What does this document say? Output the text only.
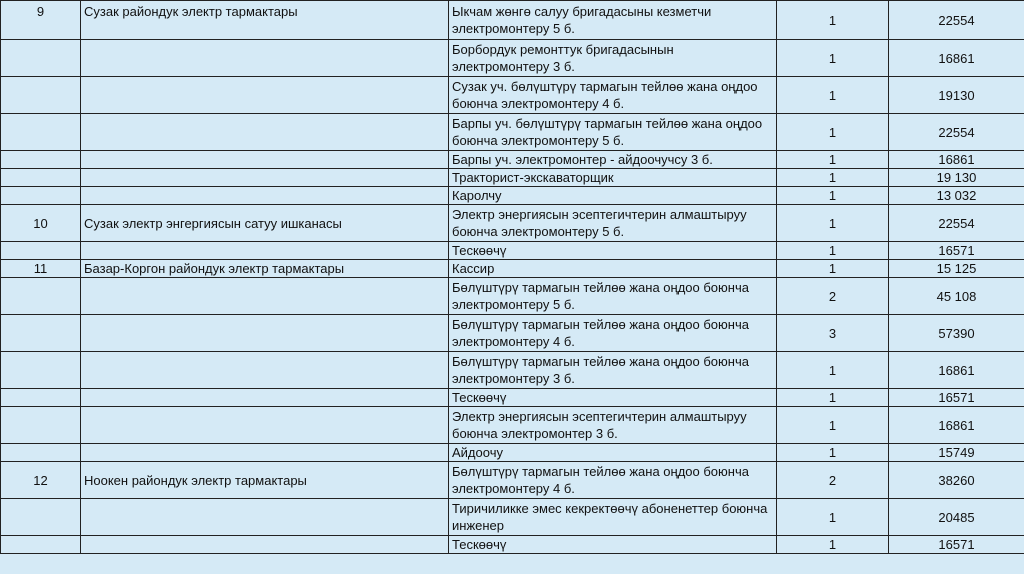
9	Сузак райондук электр тармактары	Ыкчам жөнгө салуу бригадасыны кезметчи электромонтеру 5 б.	1	22554
		Борбордук ремонттук бригадасынын электромонтеру 3 б.	1	16861
		Сузак уч. бөлүштүрү тармагын тейлөө жана оңдоо боюнча электромонтеру 4 б.	1	19130
		Барпы уч. бөлүштүрү тармагын тейлөө жана оңдоо боюнча электромонтеру 5 б.	1	22554
		Барпы уч. электромонтер - айдоочучсу 3 б.	1	16861
		Тракторист-экскаваторщик	1	19 130
		Каролчу	1	13 032
10	Сузак электр энгергиясын сатуу ишканасы	Электр энергиясын эсептегичтерин алмаштыруу боюнча электромонтеру 5 б.	1	22554
		Тескөөчү	1	16571
11	Базар-Коргон райондук электр тармактары	Кассир	1	15 125
		Бөлүштүрү тармагын тейлөө жана оңдоо боюнча электромонтеру 5 б.	2	45 108
		Бөлүштүрү тармагын тейлөө жана оңдоо боюнча электромонтеру 4 б.	3	57390
		Бөлүштүрү тармагын тейлөө жана оңдоо боюнча электромонтеру 3 б.	1	16861
		Тескөөчү	1	16571
		Электр энергиясын эсептегичтерин алмаштыруу боюнча электромонтер 3 б.	1	16861
		Айдоочу	1	15749
12	Ноокен райондук электр тармактары	Бөлүштүрү тармагын тейлөө жана оңдоо боюнча электромонтеру 4 б.	2	38260
		Тиричиликке эмес кекректөөчү абоненеттер боюнча инженер	1	20485
		Тескөөчү	1	16571
